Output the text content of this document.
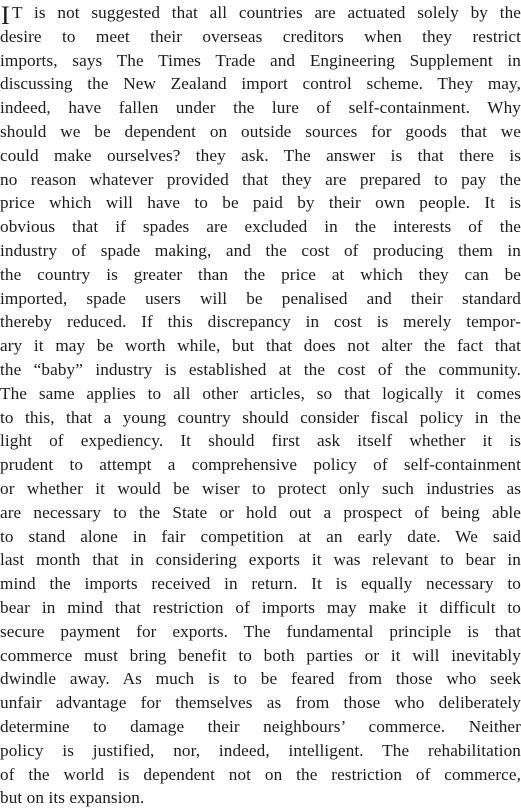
I T is not suggested that all countries are actuated solely by the
desire to meet their overseas creditors when they restrict
imports, says The Times Trade and Engineering Supplement in
discussing the New Zealand import control scheme. They may,
indeed, have fallen under the lure of self-containment. Why
should we be dependent on outside sources for goods that we
could make ourselves? they ask. The answer is that there is
no reason whatever provided that they are prepared to pay the
price which will have to be paid by their own people. It is
obvious that if spades are excluded in the interests of the
industry of spade making, and the cost of producing them in
the country is greater than the price at which they can be
imported, spade users will be penalised and their standard
thereby reduced. If this discrepancy in cost is merely tempor-
ary it may be worth while, but that does not alter the fact that
the “baby” industry is established at the cost of the community.
The same applies to all other articles, so that logically it comes
to this, that a young country should consider fiscal policy in the
light of expediency. It should first ask itself whether it is
prudent to attempt a comprehensive policy of self-containment
or whether it would be wiser to protect only such industries as
are necessary to the State or hold out a prospect of being able
to stand alone in fair competition at an early date. We said
last month that in considering exports it was relevant to bear in
mind the imports received in return. It is equally necessary to
bear in mind that restriction of imports may make it difficult to
secure payment for exports. The fundamental principle is that
commerce must bring benefit to both parties or it will inevitably
dwindle away. As much is to be feared from those who seek
unfair advantage for themselves as from those who deliberately
determine to damage their neighbours’ commerce. Neither
policy is justified, nor, indeed, intelligent. The rehabilitation
of the world is dependent not on the restriction of commerce,
but on its expansion.
